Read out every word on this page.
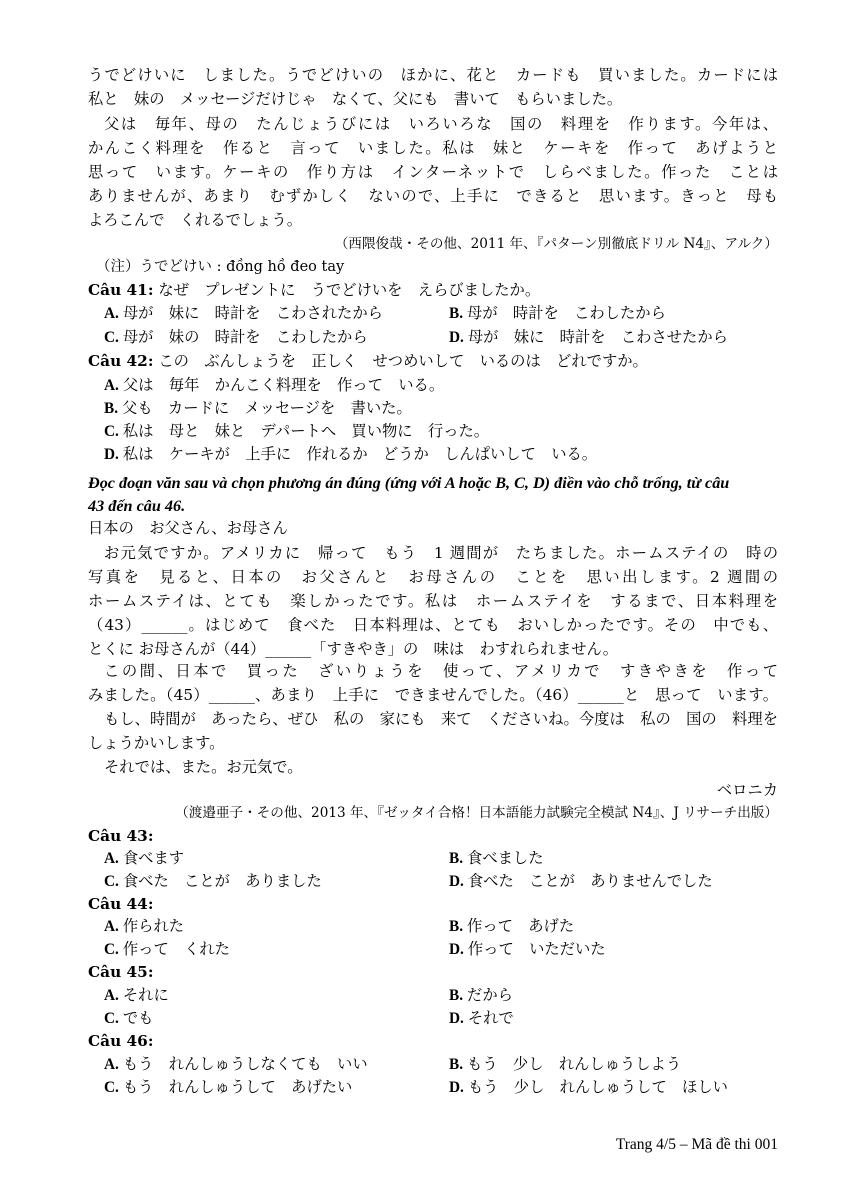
うでどけいに　しました。うでどけいの　ほかに、花と　カードも　買いました。カードには
私と　妹の　メッセージだけじゃ　なくて、父にも　書いて　もらいました。
父は　毎年、母の　たんじょうびには　いろいろな　国の　料理を　作ります。今年は、
かんこく料理を　作ると　言って　いました。私は　妹と　ケーキを　作って　あげようと
思って　います。ケーキの　作り方は　インターネットで　しらべました。作った　ことは
ありませんが、あまり　むずかしく　ないので、上手に　できると　思います。きっと　母も
よろこんで　くれるでしょう。
（西隈俊哉・その他、2011 年、『パターン別徹底ドリル N4』、アルク）
（注）うでどけい : đồng hồ đeo tay
Câu 41: なぜ　プレゼントに　うでどけいを　えらびましたか。
A. 母が　妹に　時計を　こわされたから	B. 母が　時計を　こわしたから
C. 母が　妹の　時計を　こわしたから	D. 母が　妹に　時計を　こわさせたから
Câu 42: この　ぶんしょうを　正しく　せつめいして　いるのは　どれですか。
A. 父は　毎年　かんこく料理を　作って　いる。
B. 父も　カードに　メッセージを　書いた。
C. 私は　母と　妹と　デパートへ　買い物に　行った。
D. 私は　ケーキが　上手に　作れるか　どうか　しんぱいして　いる。
Đọc đoạn văn sau và chọn phương án đúng (ứng với A hoặc B, C, D) điền vào chỗ trống, từ câu
43 đến câu 46.
日本の　お父さん、お母さん
お元気ですか。アメリカに　帰って　もう　1 週間が　たちました。ホームステイの　時の
写真を　見ると、日本の　お父さんと　お母さんの　ことを　思い出します。2 週間の
ホームステイは、とても　楽しかったです。私は　ホームステイを　するまで、日本料理を
（43）______。はじめて　食べた　日本料理は、とても　おいしかったです。その　中でも、
とくに お母さんが（44）______「すきやき」の　味は　わすれられません。
この間、日本で　買った　ざいりょうを　使って、アメリカで　すきやきを　作って
みました。（45）______、あまり　上手に　できませんでした。（46）______と　思って　います。
もし、時間が　あったら、ぜひ　私の　家にも　来て　くださいね。今度は　私の　国の　料理を
しょうかいします。
それでは、また。お元気で。
ベロニカ
（渡邉亜子・その他、2013 年、『ゼッタイ合格！日本語能力試験完全模試 N4』、J リサーチ出版）
Câu 43:
A. 食べます	B. 食べました
C. 食べた　ことが　ありました	D. 食べた　ことが　ありませんでした
Câu 44:
A. 作られた	B. 作って　あげた
C. 作って　くれた	D. 作って　いただいた
Câu 45:
A. それに	B. だから
C. でも	D. それで
Câu 46:
A. もう　れんしゅうしなくても　いい	B. もう　少し　れんしゅうしよう
C. もう　れんしゅうして　あげたい	D. もう　少し　れんしゅうして　ほしい
Trang 4/5 – Mã đề thi 001
